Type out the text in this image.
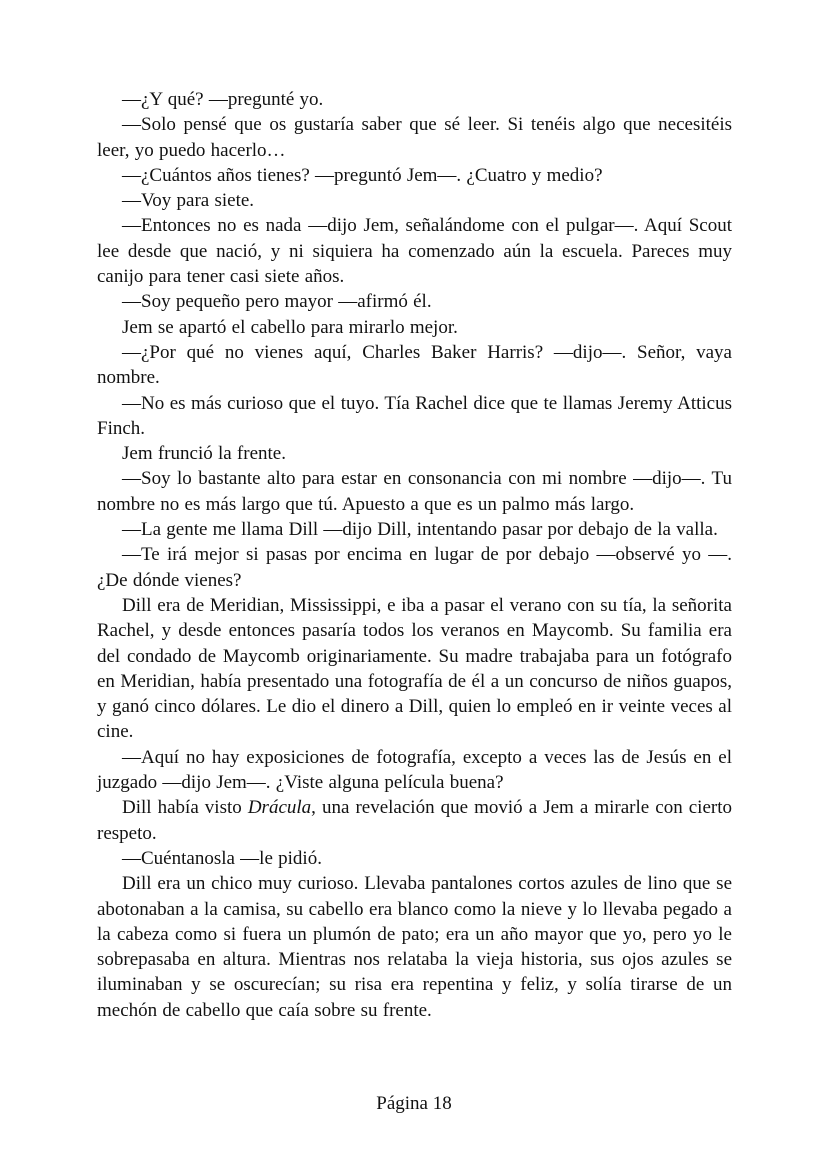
—¿Y qué? —pregunté yo.

—Solo pensé que os gustaría saber que sé leer. Si tenéis algo que necesitéis leer, yo puedo hacerlo…

—¿Cuántos años tienes? —preguntó Jem—. ¿Cuatro y medio?

—Voy para siete.

—Entonces no es nada —dijo Jem, señalándome con el pulgar—. Aquí Scout lee desde que nació, y ni siquiera ha comenzado aún la escuela. Pareces muy canijo para tener casi siete años.

—Soy pequeño pero mayor —afirmó él.

Jem se apartó el cabello para mirarlo mejor.

—¿Por qué no vienes aquí, Charles Baker Harris? —dijo—. Señor, vaya nombre.

—No es más curioso que el tuyo. Tía Rachel dice que te llamas Jeremy Atticus Finch.

Jem frunció la frente.

—Soy lo bastante alto para estar en consonancia con mi nombre —dijo—. Tu nombre no es más largo que tú. Apuesto a que es un palmo más largo.

—La gente me llama Dill —dijo Dill, intentando pasar por debajo de la valla.

—Te irá mejor si pasas por encima en lugar de por debajo —observé yo —. ¿De dónde vienes?

Dill era de Meridian, Mississippi, e iba a pasar el verano con su tía, la señorita Rachel, y desde entonces pasaría todos los veranos en Maycomb. Su familia era del condado de Maycomb originariamente. Su madre trabajaba para un fotógrafo en Meridian, había presentado una fotografía de él a un concurso de niños guapos, y ganó cinco dólares. Le dio el dinero a Dill, quien lo empleó en ir veinte veces al cine.

—Aquí no hay exposiciones de fotografía, excepto a veces las de Jesús en el juzgado —dijo Jem—. ¿Viste alguna película buena?

Dill había visto Drácula, una revelación que movió a Jem a mirarle con cierto respeto.

—Cuéntanosla —le pidió.

Dill era un chico muy curioso. Llevaba pantalones cortos azules de lino que se abotonaban a la camisa, su cabello era blanco como la nieve y lo llevaba pegado a la cabeza como si fuera un plumón de pato; era un año mayor que yo, pero yo le sobrepasaba en altura. Mientras nos relataba la vieja historia, sus ojos azules se iluminaban y se oscurecían; su risa era repentina y feliz, y solía tirarse de un mechón de cabello que caía sobre su frente.

Página 18
